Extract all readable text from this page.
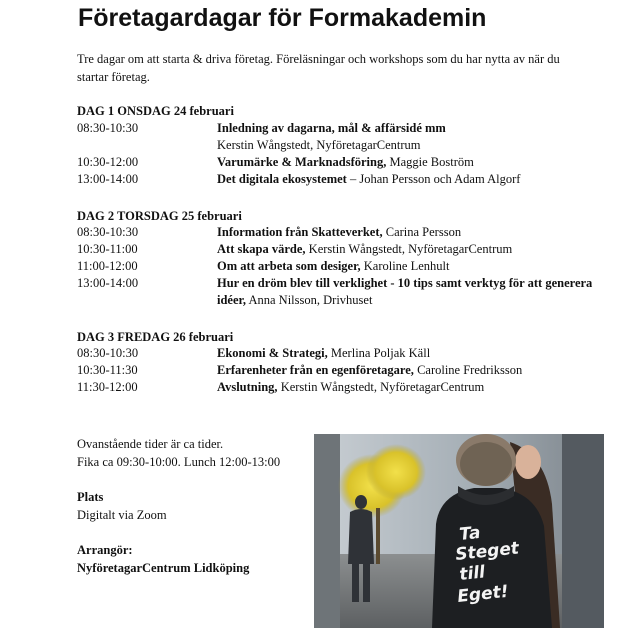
Företagardagar för Formakademin
Tre dagar om att starta & driva företag. Föreläsningar och workshops som du har nytta av när du startar företag.
DAG 1 ONSDAG 24 februari
08:30-10:30	Inledning av dagarna, mål & affärsidé mm
Kerstin Wångstedt, NyföretagarCentrum
10:30-12:00	Varumärke & Marknadsföring, Maggie Boström
13:00-14:00	Det digitala ekosystemet – Johan Persson och Adam Algorf
DAG 2 TORSDAG 25 februari
08:30-10:30	Information från Skatteverket, Carina Persson
10:30-11:00	Att skapa värde, Kerstin Wångstedt, NyföretagarCentrum
11:00-12:00	Om att arbeta som desiger, Karoline Lenhult
13:00-14:00	Hur en dröm blev till verklighet - 10 tips samt verktyg för att generera idéer, Anna Nilsson, Drivhuset
DAG 3 FREDAG 26 februari
08:30-10:30	Ekonomi & Strategi, Merlina Poljak Käll
10:30-11:30	Erfarenheter från en egenföretagare, Caroline Fredriksson
11:30-12:00	Avslutning, Kerstin Wångstedt, NyföretagarCentrum
Ovanstående tider är ca tider.
Fika ca 09:30-10:00. Lunch 12:00-13:00
Plats
Digitalt via Zoom
Arrangör:
NyföretagarCentrum Lidköping
Ta
Steget
till
Eget!
